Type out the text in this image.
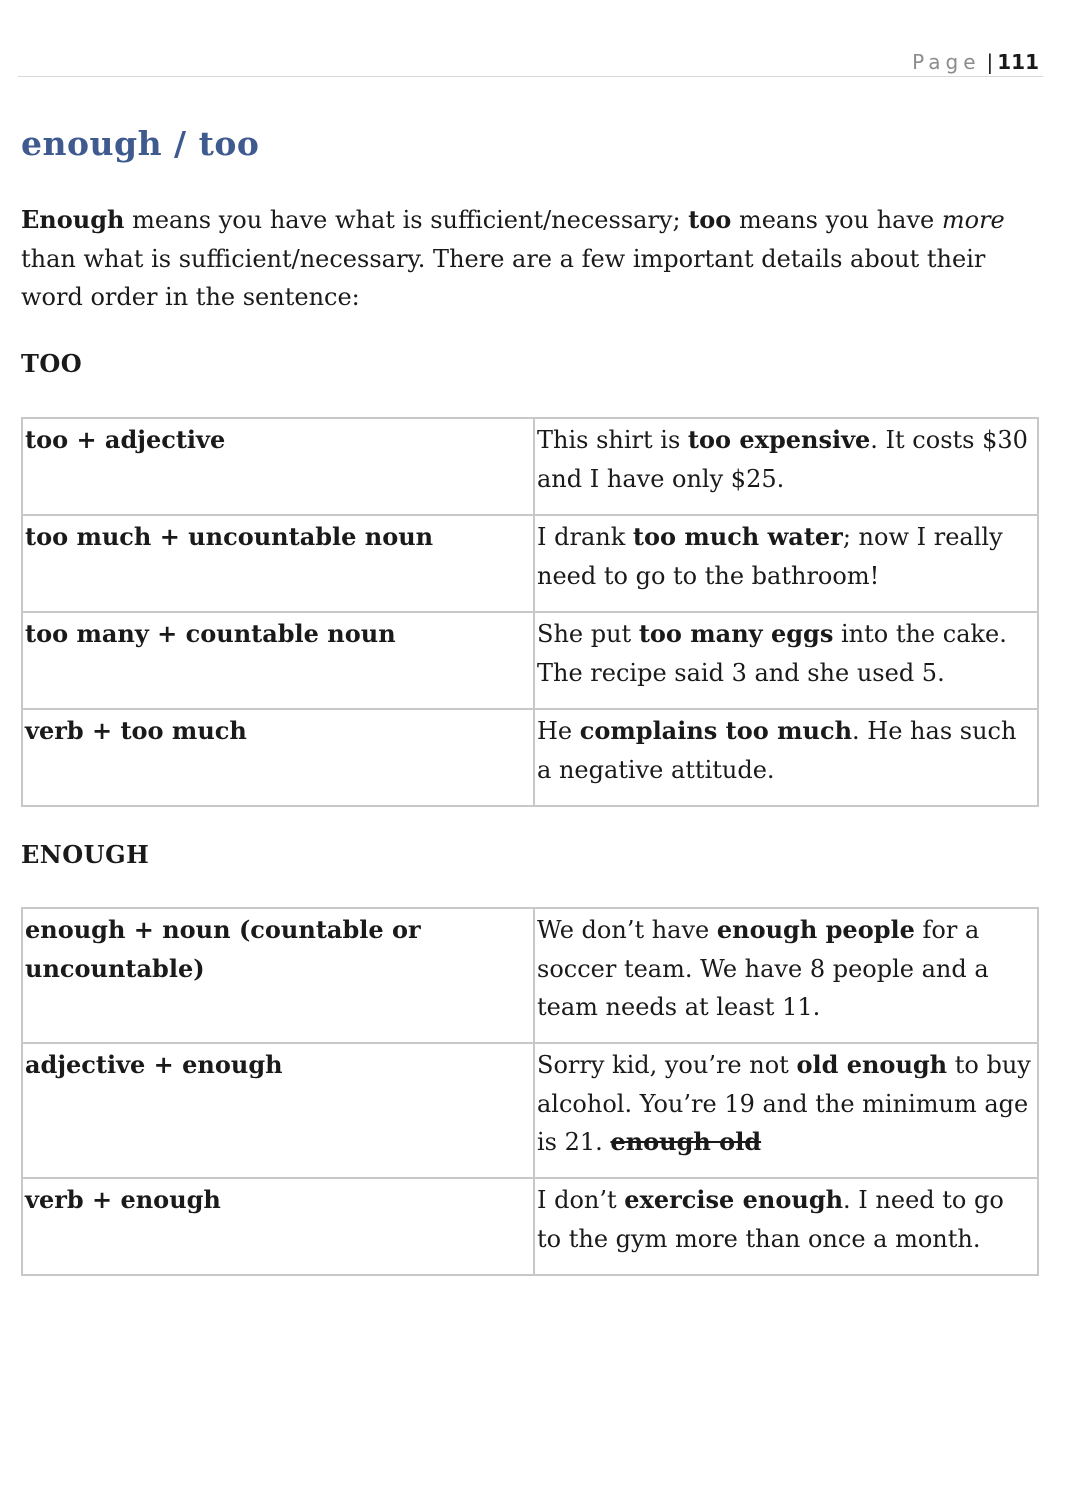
Page | 111
enough / too

Enough means you have what is sufficient/necessary; too means you have more than what is sufficient/necessary. There are a few important details about their word order in the sentence:

TOO
too + adjective	This shirt is too expensive. It costs $30 and I have only $25.
too much + uncountable noun	I drank too much water; now I really need to go to the bathroom!
too many + countable noun	She put too many eggs into the cake. The recipe said 3 and she used 5.
verb + too much	He complains too much. He has such a negative attitude.
ENOUGH
enough + noun (countable or uncountable)	We don’t have enough people for a soccer team. We have 8 people and a team needs at least 11.
adjective + enough	Sorry kid, you’re not old enough to buy alcohol. You’re 19 and the minimum age is 21. enough old
verb + enough	I don’t exercise enough. I need to go to the gym more than once a month.
